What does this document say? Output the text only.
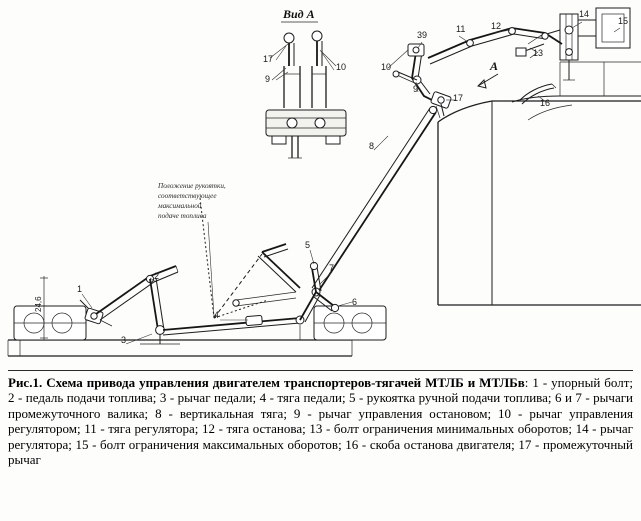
А
Положение рукоятки,
соответствующее
максимальной
подаче топлива
24,6
Вид А
1
2
3
4
5
6
7
8
9
10
17
9
10
17
39
11	12
13
14
15
16
Рис.1. Схема привода управления двигателем транспортеров-тягачей МТЛБ и МТЛБв: 1 - упорный болт; 2 - педаль подачи топлива; 3 - рычаг педали; 4 - тяга педали; 5 - рукоятка ручной подачи топлива; 6 и 7 - рычаги промежуточного валика; 8 - вертикальная тяга; 9 - рычаг управления остановом; 10 - рычаг управления регулятором; 11 - тяга регулятора; 12 - тяга останова; 13 - болт ограничения минимальных оборотов; 14 - рычаг регулятора; 15 - болт ограничения максимальных оборотов; 16 - скоба останова двигателя; 17 - промежуточный рычаг
